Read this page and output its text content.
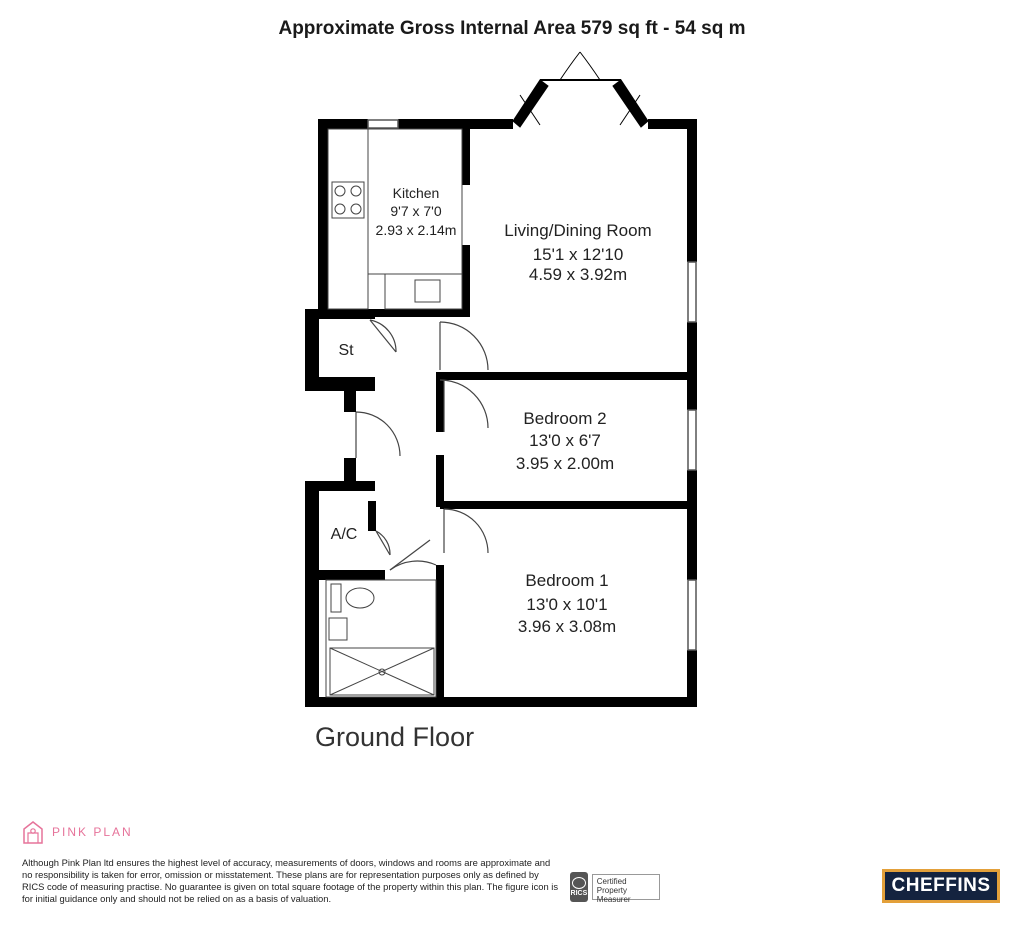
Approximate Gross Internal Area 579 sq ft - 54 sq m
Kitchen
9'7 x 7'0
2.93 x 2.14m	Living/Dining Room
15'1 x 12'10
4.59 x 3.92m
Bedroom 2
13'0 x 6'7
3.95 x 2.00m
Bedroom 1
13'0 x 10'1
3.96 x 3.08m
St
A/C
Ground Floor
PINK PLAN
Although Pink Plan ltd ensures the highest level of accuracy, measurements of doors, windows and rooms are approximate and no responsibility is taken for error, omission or misstatement. These plans are for representation purposes only as defined by RICS code of measuring practise. No guarantee is given on total square footage of the property within this plan. The figure icon is for initial guidance only and should not be relied on as a basis of valuation.	RICS
Certified Property Measurer
CHEFFINS
